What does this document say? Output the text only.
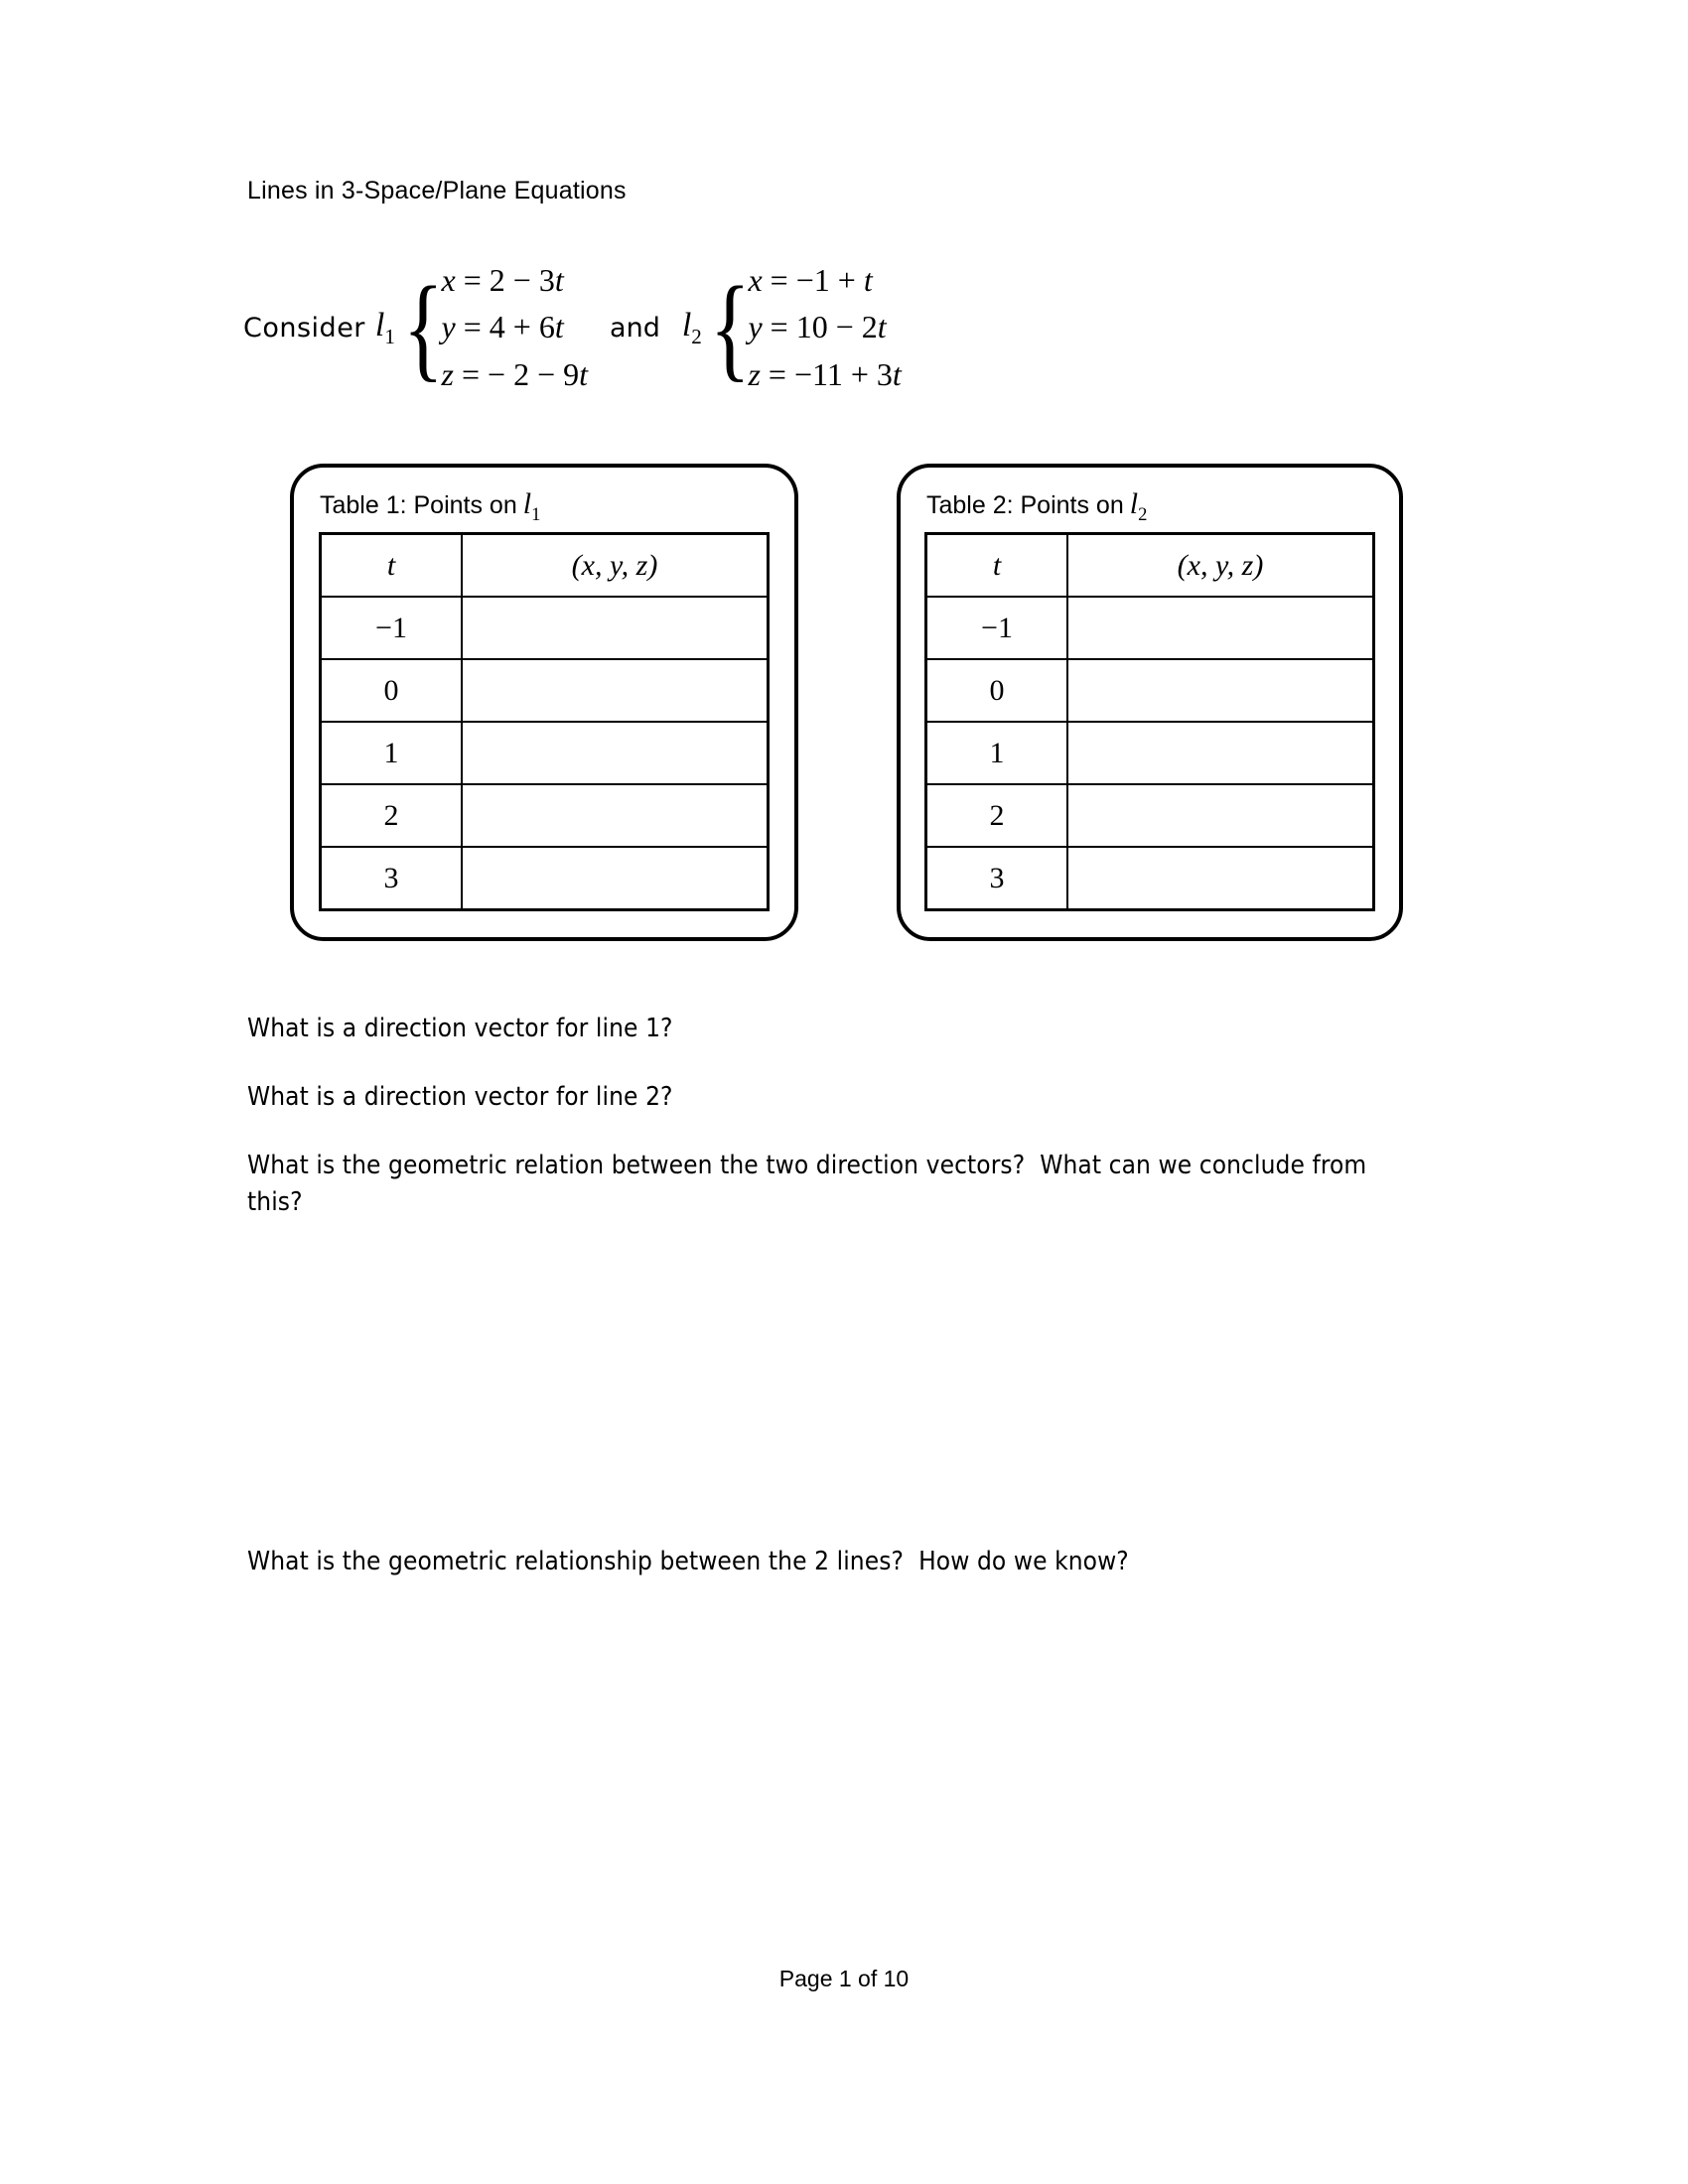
Lines in 3-Space/Plane Equations
Consider $l_1$ {
x = 2 − 3t
y = 4 + 6t
z = − 2 − 9t
and $l_2$ {
x = −1 + t
y = 10 − 2t
z = −11 + 3t
Table 1: Points on $l_1$
t	(x, y, z)
−1	
0	
1	
2	
3	
Table 2: Points on $l_2$
t	(x, y, z)
−1	
0	
1	
2	
3	
What is a direction vector for line 1?
What is a direction vector for line 2?
What is the geometric relation between the two direction vectors?  What can we conclude from this?
What is the geometric relationship between the 2 lines?  How do we know?
Page 1 of 10
